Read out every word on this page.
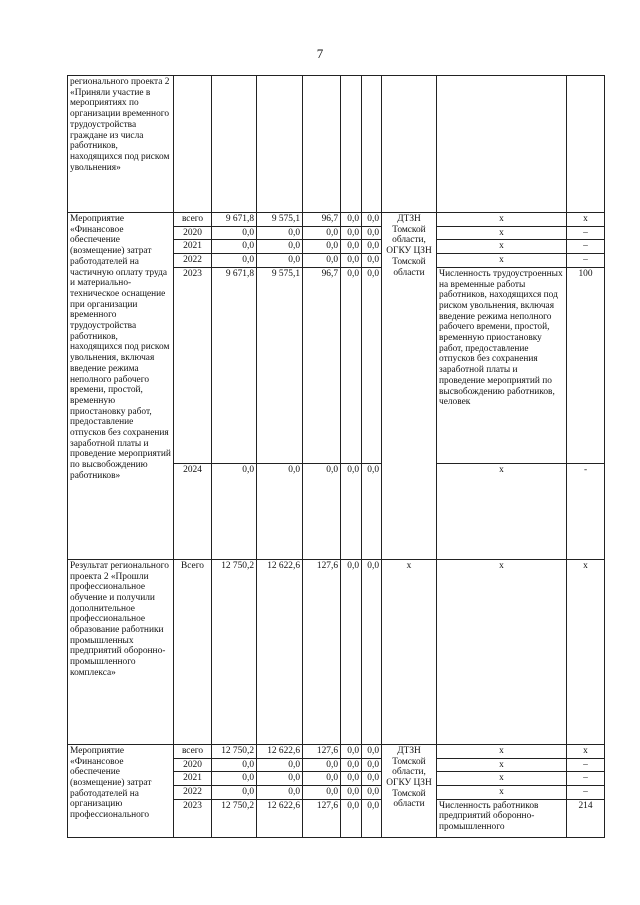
7
регионального проекта 2 «Приняли участие в мероприятиях по организации временного трудоустройства граждане из числа работников, находящихся под риском увольнения»									
Мероприятие «Финансовое обеспечение (возмещение) затрат работодателей на частичную оплату труда и материально-техническое оснащение при организации временного трудоустройства работников, находящихся под риском увольнения, включая введение режима неполного рабочего времени, простой, временную приостановку работ, предоставление отпусков без сохранения заработной платы и проведение мероприятий по высвобождению работников»	всего	9 671,8	9 575,1	96,7	0,0	0,0	ДТЗН Томской области, ОГКУ ЦЗН Томской области	х	х
	2020	0,0	0,0	0,0	0,0	0,0		х	–
	2021	0,0	0,0	0,0	0,0	0,0		х	–
	2022	0,0	0,0	0,0	0,0	0,0		х	–
	2023	9 671,8	9 575,1	96,7	0,0	0,0		Численность трудоустроенных на временные работы работников, находящихся под риском увольнения, включая введение режима неполного рабочего времени, простой, временную приостановку работ, предоставление отпусков без сохранения заработной платы и проведение мероприятий по высвобождению работников, человек	100
	2024	0,0	0,0	0,0	0,0	0,0		х	-
Результат регионального проекта 2 «Прошли профессиональное обучение и получили дополнительное профессиональное образование работники промышленных предприятий оборонно-промышленного комплекса»	Всего	12 750,2	12 622,6	127,6	0,0	0,0	х	х	х
Мероприятие «Финансовое обеспечение (возмещение) затрат работодателей на организацию профессионального	всего	12 750,2	12 622,6	127,6	0,0	0,0	ДТЗН Томской области, ОГКУ ЦЗН Томской области	х	х
	2020	0,0	0,0	0,0	0,0	0,0		х	–
	2021	0,0	0,0	0,0	0,0	0,0		х	–
	2022	0,0	0,0	0,0	0,0	0,0		х	–
	2023	12 750,2	12 622,6	127,6	0,0	0,0		Численность работников предприятий оборонно-промышленного	214
